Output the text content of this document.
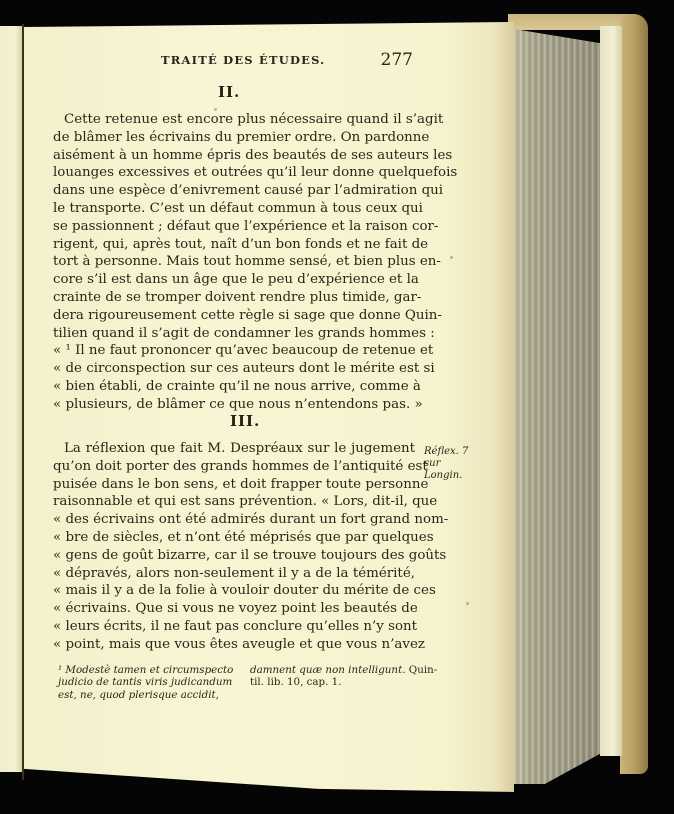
TRAITÉ DES ÉTUDES.	277
II.
Cette retenue est encore plus nécessaire quand il s’agit
de blâmer les écrivains du premier ordre. On pardonne
aisément à un homme épris des beautés de ses auteurs les
louanges excessives et outrées qu’il leur donne quelquefois
dans une espèce d’enivrement causé par l’admiration qui
le transporte. C’est un défaut commun à tous ceux qui
se passionnent ; défaut que l’expérience et la raison cor-
rigent, qui, après tout, naît d’un bon fonds et ne fait de
tort à personne. Mais tout homme sensé, et bien plus en-
core s’il est dans un âge que le peu d’expérience et la
crainte de se tromper doivent rendre plus timide, gar-
dera rigoureusement cette règle si sage que donne Quin-
tilien quand il s’agit de condamner les grands hommes :
« ¹ Il ne faut prononcer qu’avec beaucoup de retenue et
« de circonspection sur ces auteurs dont le mérite est si
« bien établi, de crainte qu’il ne nous arrive, comme à
« plusieurs, de blâmer ce que nous n’entendons pas. »
III.
La réflexion que fait M. Despréaux sur le jugement
qu’on doit porter des grands hommes de l’antiquité est
puisée dans le bon sens, et doit frapper toute personne
raisonnable et qui est sans prévention. « Lors, dit-il, que
« des écrivains ont été admirés durant un fort grand nom-
« bre de siècles, et n’ont été méprisés que par quelques
« gens de goût bizarre, car il se trouve toujours des goûts
« dépravés, alors non-seulement il y a de la témérité,
« mais il y a de la folie à vouloir douter du mérite de ces
« écrivains. Que si vous ne voyez point les beautés de
« leurs écrits, il ne faut pas conclure qu’elles n’y sont
« point, mais que vous êtes aveugle et que vous n’avez
Réflex. 7 sur
Longin.
¹ Modestè tamen et circumspecto
judicio de tantis viris judicandum
est, ne, quod plerisque accidit,
damnent quæ non intelligunt. Quin-
til. lib. 10, cap. 1.
